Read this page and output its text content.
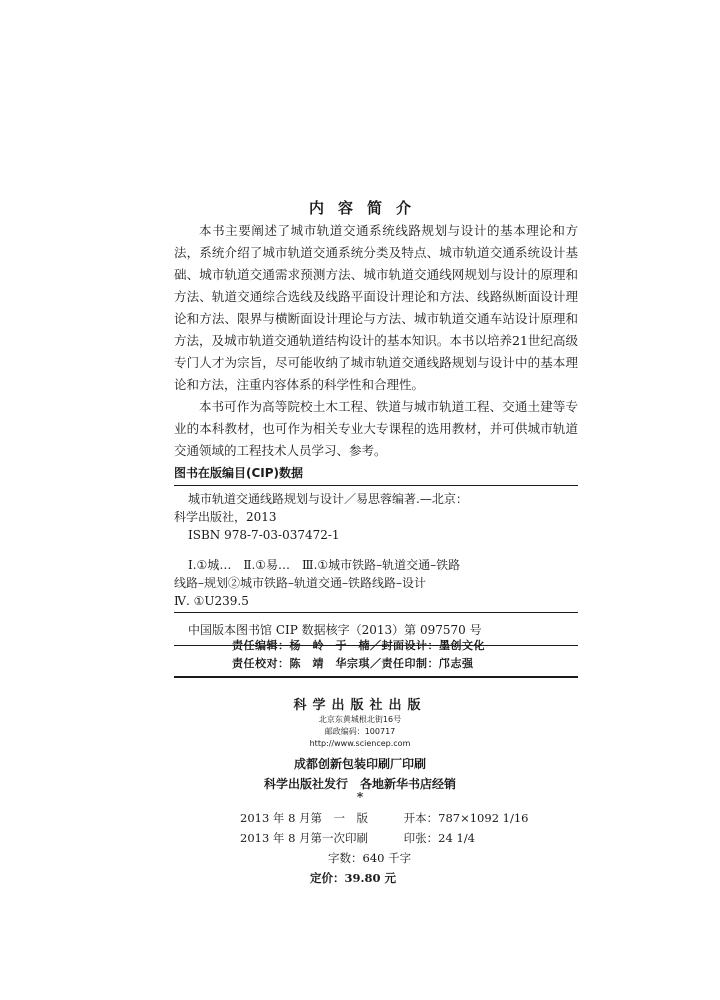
内容简介

本书主要阐述了城市轨道交通系统线路规划与设计的基本理论和方法，系统介绍了城市轨道交通系统分类及特点、城市轨道交通系统设计基础、城市轨道交通需求预测方法、城市轨道交通线网规划与设计的原理和方法、轨道交通综合选线及线路平面设计理论和方法、线路纵断面设计理论和方法、限界与横断面设计理论与方法、城市轨道交通车站设计原理和方法，及城市轨道交通轨道结构设计的基本知识。本书以培养21世纪高级专门人才为宗旨，尽可能收纳了城市轨道交通线路规划与设计中的基本理论和方法，注重内容体系的科学性和合理性。

本书可作为高等院校土木工程、铁道与城市轨道工程、交通土建等专业的本科教材，也可作为相关专业大专课程的选用教材，并可供城市轨道交通领域的工程技术人员学习、参考。

图书在版编目(CIP)数据
城市轨道交通线路规划与设计／易思蓉编著.—北京：
科学出版社，2013
ISBN 978-7-03-037472-1
Ⅰ.①城…　Ⅱ.①易…　Ⅲ.①城市铁路–轨道交通–铁路
线路–规划②城市铁路–轨道交通–铁路线路–设计
Ⅳ. ①U239.5
中国版本图书馆 CIP 数据核字（2013）第 097570 号
责任编辑：杨　岭　于　楠／封面设计：墨创文化
责任校对：陈　靖　华宗琪／责任印制：邝志强
科学出版社出版
北京东黄城根北街16号
邮政编码：100717
http://www.sciencep.com
成都创新包装印刷厂印刷
科学出版社发行　各地新华书店经销
*
2013 年 8 月第　一　版	开本：787×1092 1/16
2013 年 8 月第一次印刷	印张：24 1/4
字数：640 千字
定价：39.80 元
